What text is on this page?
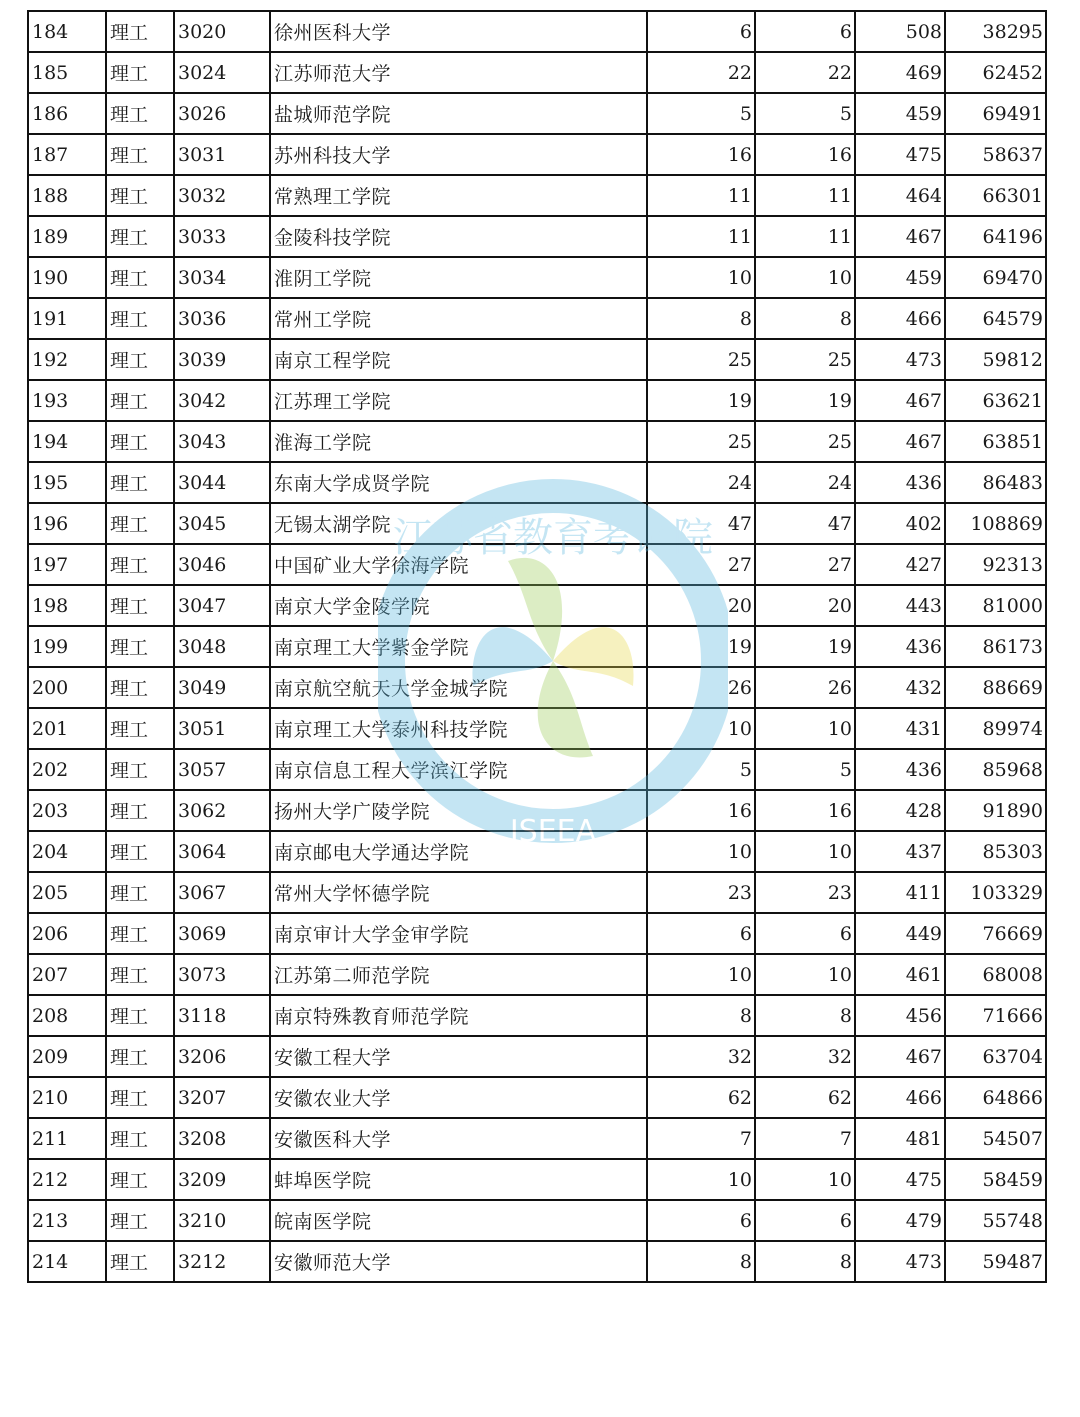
184	理工	3020	徐州医科大学	6	6	508	38295
185	理工	3024	江苏师范大学	22	22	469	62452
186	理工	3026	盐城师范学院	5	5	459	69491
187	理工	3031	苏州科技大学	16	16	475	58637
188	理工	3032	常熟理工学院	11	11	464	66301
189	理工	3033	金陵科技学院	11	11	467	64196
190	理工	3034	淮阴工学院	10	10	459	69470
191	理工	3036	常州工学院	8	8	466	64579
192	理工	3039	南京工程学院	25	25	473	59812
193	理工	3042	江苏理工学院	19	19	467	63621
194	理工	3043	淮海工学院	25	25	467	63851
195	理工	3044	东南大学成贤学院	24	24	436	86483
196	理工	3045	无锡太湖学院	47	47	402	108869
197	理工	3046	中国矿业大学徐海学院	27	27	427	92313
198	理工	3047	南京大学金陵学院	20	20	443	81000
199	理工	3048	南京理工大学紫金学院	19	19	436	86173
200	理工	3049	南京航空航天大学金城学院	26	26	432	88669
201	理工	3051	南京理工大学泰州科技学院	10	10	431	89974
202	理工	3057	南京信息工程大学滨江学院	5	5	436	85968
203	理工	3062	扬州大学广陵学院	16	16	428	91890
204	理工	3064	南京邮电大学通达学院	10	10	437	85303
205	理工	3067	常州大学怀德学院	23	23	411	103329
206	理工	3069	南京审计大学金审学院	6	6	449	76669
207	理工	3073	江苏第二师范学院	10	10	461	68008
208	理工	3118	南京特殊教育师范学院	8	8	456	71666
209	理工	3206	安徽工程大学	32	32	467	63704
210	理工	3207	安徽农业大学	62	62	466	64866
211	理工	3208	安徽医科大学	7	7	481	54507
212	理工	3209	蚌埠医学院	10	10	475	58459
213	理工	3210	皖南医学院	6	6	479	55748
214	理工	3212	安徽师范大学	8	8	473	59487
江苏省教育考试院
JSEEA
